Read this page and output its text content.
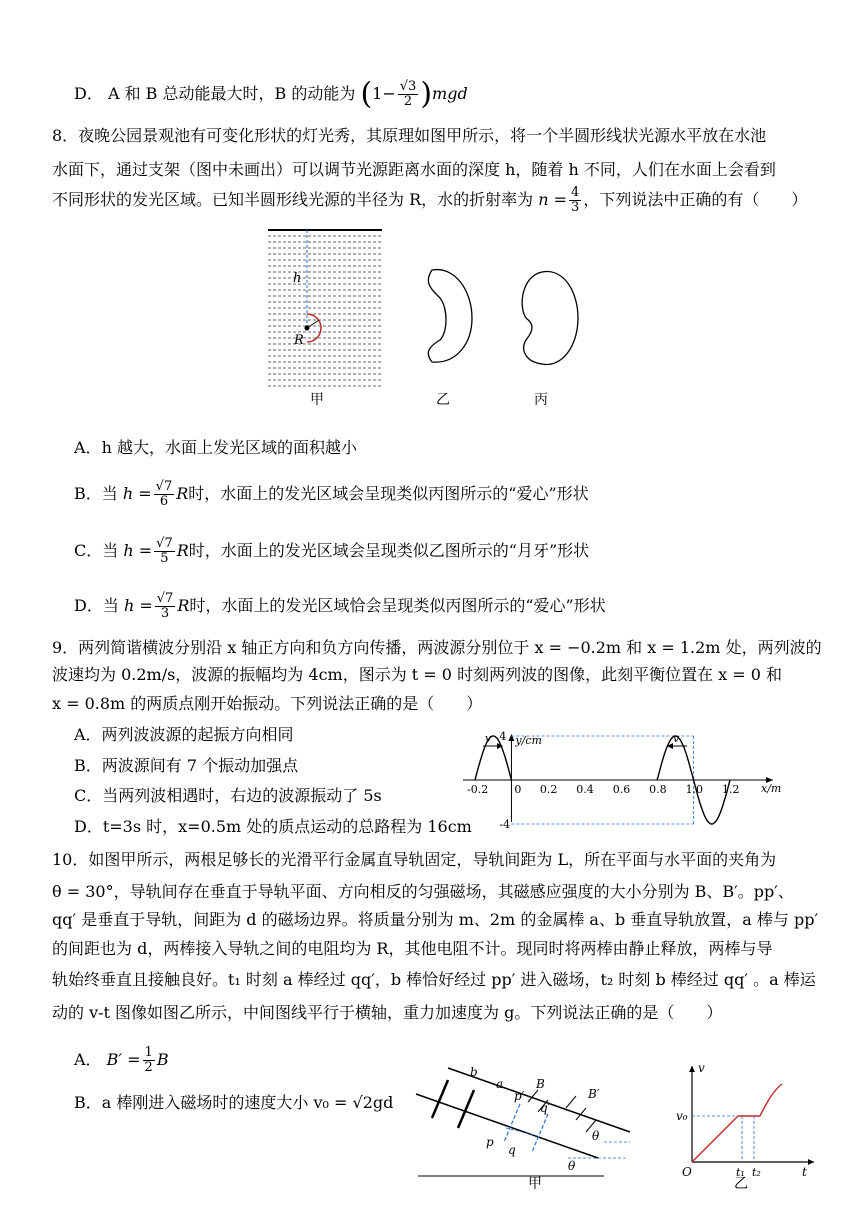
D． A 和 B 总动能最大时，B 的动能为 $(1- \frac{√3}{2} )mgd$
8．夜晚公园景观池有可变化形状的灯光秀，其原理如图甲所示，将一个半圆形线状光源水平放在水池
水面下，通过支架（图中未画出）可以调节光源距离水面的深度 h，随着 h 不同，人们在水面上会看到
不同形状的发光区域。已知半圆形线光源的半径为 R，水的折射率为 $n = \frac{4}{3}$ ，下列说法中正确的有（　　）
h
R
甲	乙	丙
A．h 越大，水面上发光区域的面积越小
B．当 $h = \frac{√7}{6}$ R时，水面上的发光区域会呈现类似丙图所示的“爱心”形状
C．当 $h = \frac{√7}{5}$ R时，水面上的发光区域会呈现类似乙图所示的“月牙”形状
D．当 $h = \frac{√7}{3}$ R时，水面上的发光区域恰会呈现类似丙图所示的“爱心”形状
9．两列简谐横波分别沿 x 轴正方向和负方向传播，两波源分别位于 x = −0.2m 和 x = 1.2m 处，两列波的
波速均为 0.2m/s，波源的振幅均为 4cm，图示为 t = 0 时刻两列波的图像，此刻平衡位置在 x = 0 和
x = 0.8m 的两质点刚开始振动。下列说法正确的是（　　）
A．两列波波源的起振方向相同
B．两波源间有 7 个振动加强点
C．当两列波相遇时，右边的波源振动了 5s
D．t=3s 时，x=0.5m 处的质点运动的总路程为 16cm
y/cm
x/m
-0.2 0 0.2 0.4 0.6 0.8 1.0 1.2
4
-4
v	v
10．如图甲所示，两根足够长的光滑平行金属直导轨固定，导轨间距为 L，所在平面与水平面的夹角为
θ = 30°，导轨间存在垂直于导轨平面、方向相反的匀强磁场，其磁感应强度的大小分别为 B、B′。pp′、
qq′ 是垂直于导轨，间距为 d 的磁场边界。将质量分别为 m、2m 的金属棒 a、b 垂直导轨放置，a 棒与 pp′
的间距也为 d，两棒接入导轨之间的电阻均为 R，其他电阻不计。现同时将两棒由静止释放，两棒与导
轨始终垂直且接触良好。t₁ 时刻 a 棒经过 qq′，b 棒恰好经过 pp′ 进入磁场，t₂ 时刻 b 棒经过 qq′ 。a 棒运
动的 v-t 图像如图乙所示，中间图线平行于横轴，重力加速度为 g。下列说法正确的是（　　）
A． $B' = \frac{1}{2}$ B
B．a 棒刚进入磁场时的速度大小 v₀ = √2gd
b
a
p′
q′
B
B′
p
q
θ
θ
甲
v
v₀
O	t₁ t₂	t
乙
